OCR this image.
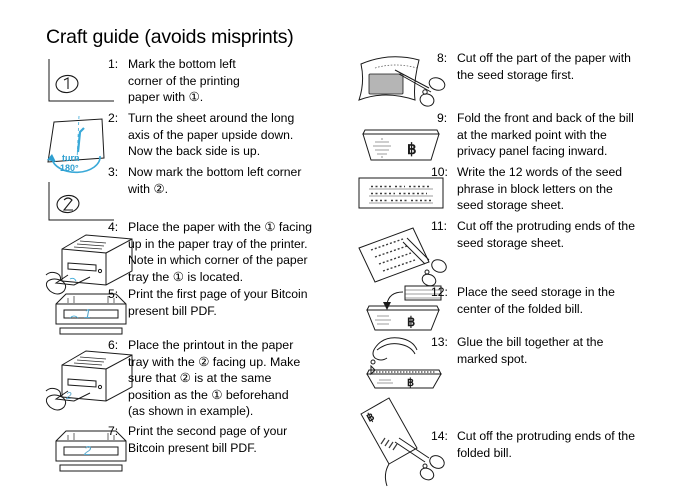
Craft guide (avoids misprints)
1: Mark the bottom left
corner of the printing
paper with ①.
turn
180°
2: Turn the sheet around the long
axis of the paper upside down.
Now the back side is up.
3: Now mark the bottom left corner
with ②.
4: Place the paper with the ① facing
up in the paper tray of the printer.
Note in which corner of the paper
tray the ① is located.
1
5: Print the first page of your Bitcoin
present bill PDF.
2
6: Place the printout in the paper
tray with the ② facing up. Make
sure that ② is at the same
position as the ① beforehand
(as shown in example).
2
7: Print the second page of your
Bitcoin present bill PDF.
8: Cut off the part of the paper with
the seed storage first.
฿
9: Fold the front and back of the bill
at the marked point with the
privacy panel facing inward.
10: Write the 12 words of the seed
phrase in block letters on the
seed storage sheet.
11: Cut off the protruding ends of the
seed storage sheet.
฿
12: Place the seed storage in the
center of the folded bill.
฿
13: Glue the bill together at the
marked spot.
฿
14: Cut off the protruding ends of the
folded bill.
